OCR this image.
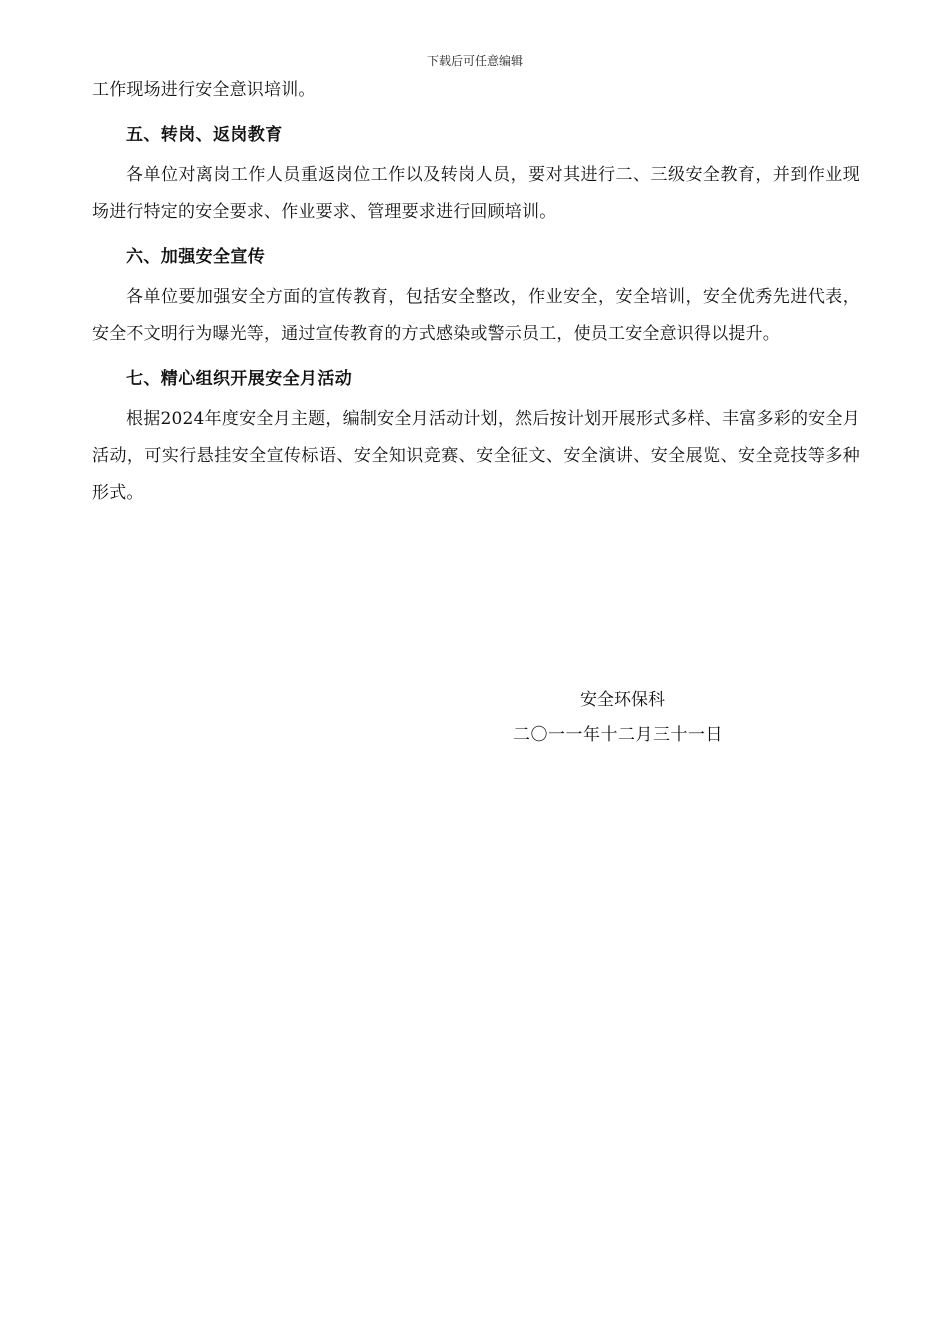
下载后可任意编辑

工作现场进行安全意识培训。

五、转岗、返岗教育

各单位对离岗工作人员重返岗位工作以及转岗人员，要对其进行二、三级安全教育，并到作业现场进行特定的安全要求、作业要求、管理要求进行回顾培训。

六、加强安全宣传

各单位要加强安全方面的宣传教育，包括安全整改，作业安全，安全培训，安全优秀先进代表，安全不文明行为曝光等，通过宣传教育的方式感染或警示员工，使员工安全意识得以提升。

七、精心组织开展安全月活动

根据2024年度安全月主题，编制安全月活动计划，然后按计划开展形式多样、丰富多彩的安全月活动，可实行悬挂安全宣传标语、安全知识竞赛、安全征文、安全演讲、安全展览、安全竞技等多种形式。

安全环保科
二〇一一年十二月三十一日
